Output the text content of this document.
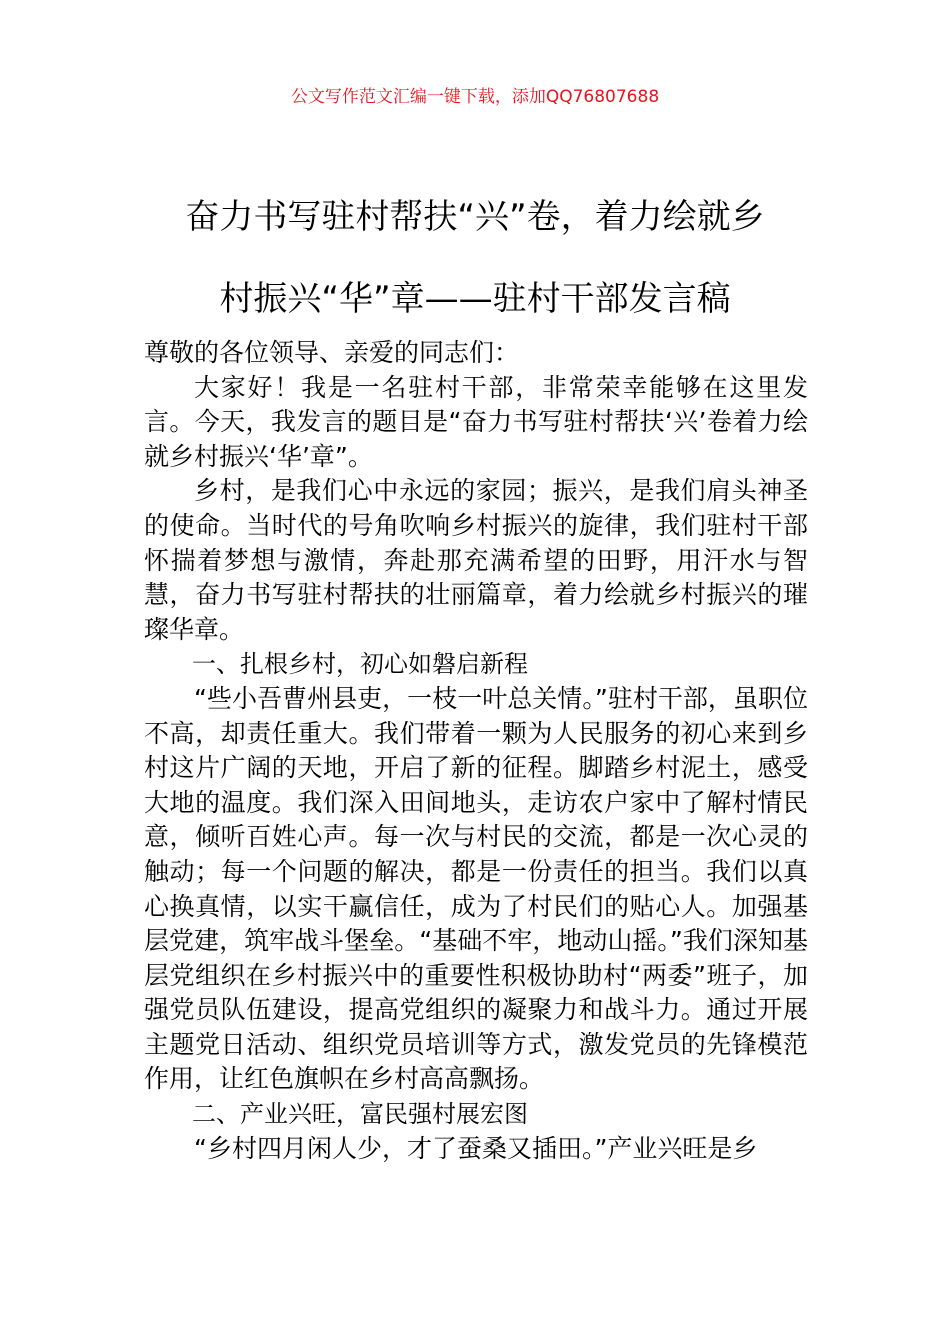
公文写作范文汇编一键下载，添加QQ76807688
奋力书写驻村帮扶“兴”卷，着力绘就乡
村振兴“华”章——驻村干部发言稿

尊敬的各位领导、亲爱的同志们：

大家好！我是一名驻村干部，非常荣幸能够在这里发言。今天，我发言的题目是“奋力书写驻村帮扶‘兴’卷着力绘就乡村振兴‘华’章”。

乡村，是我们心中永远的家园；振兴，是我们肩头神圣的使命。当时代的号角吹响乡村振兴的旋律，我们驻村干部怀揣着梦想与激情，奔赴那充满希望的田野，用汗水与智慧，奋力书写驻村帮扶的壮丽篇章，着力绘就乡村振兴的璀璨华章。

一、扎根乡村，初心如磐启新程

“些小吾曹州县吏，一枝一叶总关情。”驻村干部，虽职位不高，却责任重大。我们带着一颗为人民服务的初心来到乡村这片广阔的天地，开启了新的征程。脚踏乡村泥土，感受大地的温度。我们深入田间地头，走访农户家中了解村情民意，倾听百姓心声。每一次与村民的交流，都是一次心灵的触动；每一个问题的解决，都是一份责任的担当。我们以真心换真情，以实干赢信任，成为了村民们的贴心人。加强基层党建，筑牢战斗堡垒。“基础不牢，地动山摇。”我们深知基层党组织在乡村振兴中的重要性积极协助村“两委”班子，加强党员队伍建设，提高党组织的凝聚力和战斗力。通过开展主题党日活动、组织党员培训等方式，激发党员的先锋模范作用，让红色旗帜在乡村高高飘扬。

二、产业兴旺，富民强村展宏图

“乡村四月闲人少，才了蚕桑又插田。”产业兴旺是乡
